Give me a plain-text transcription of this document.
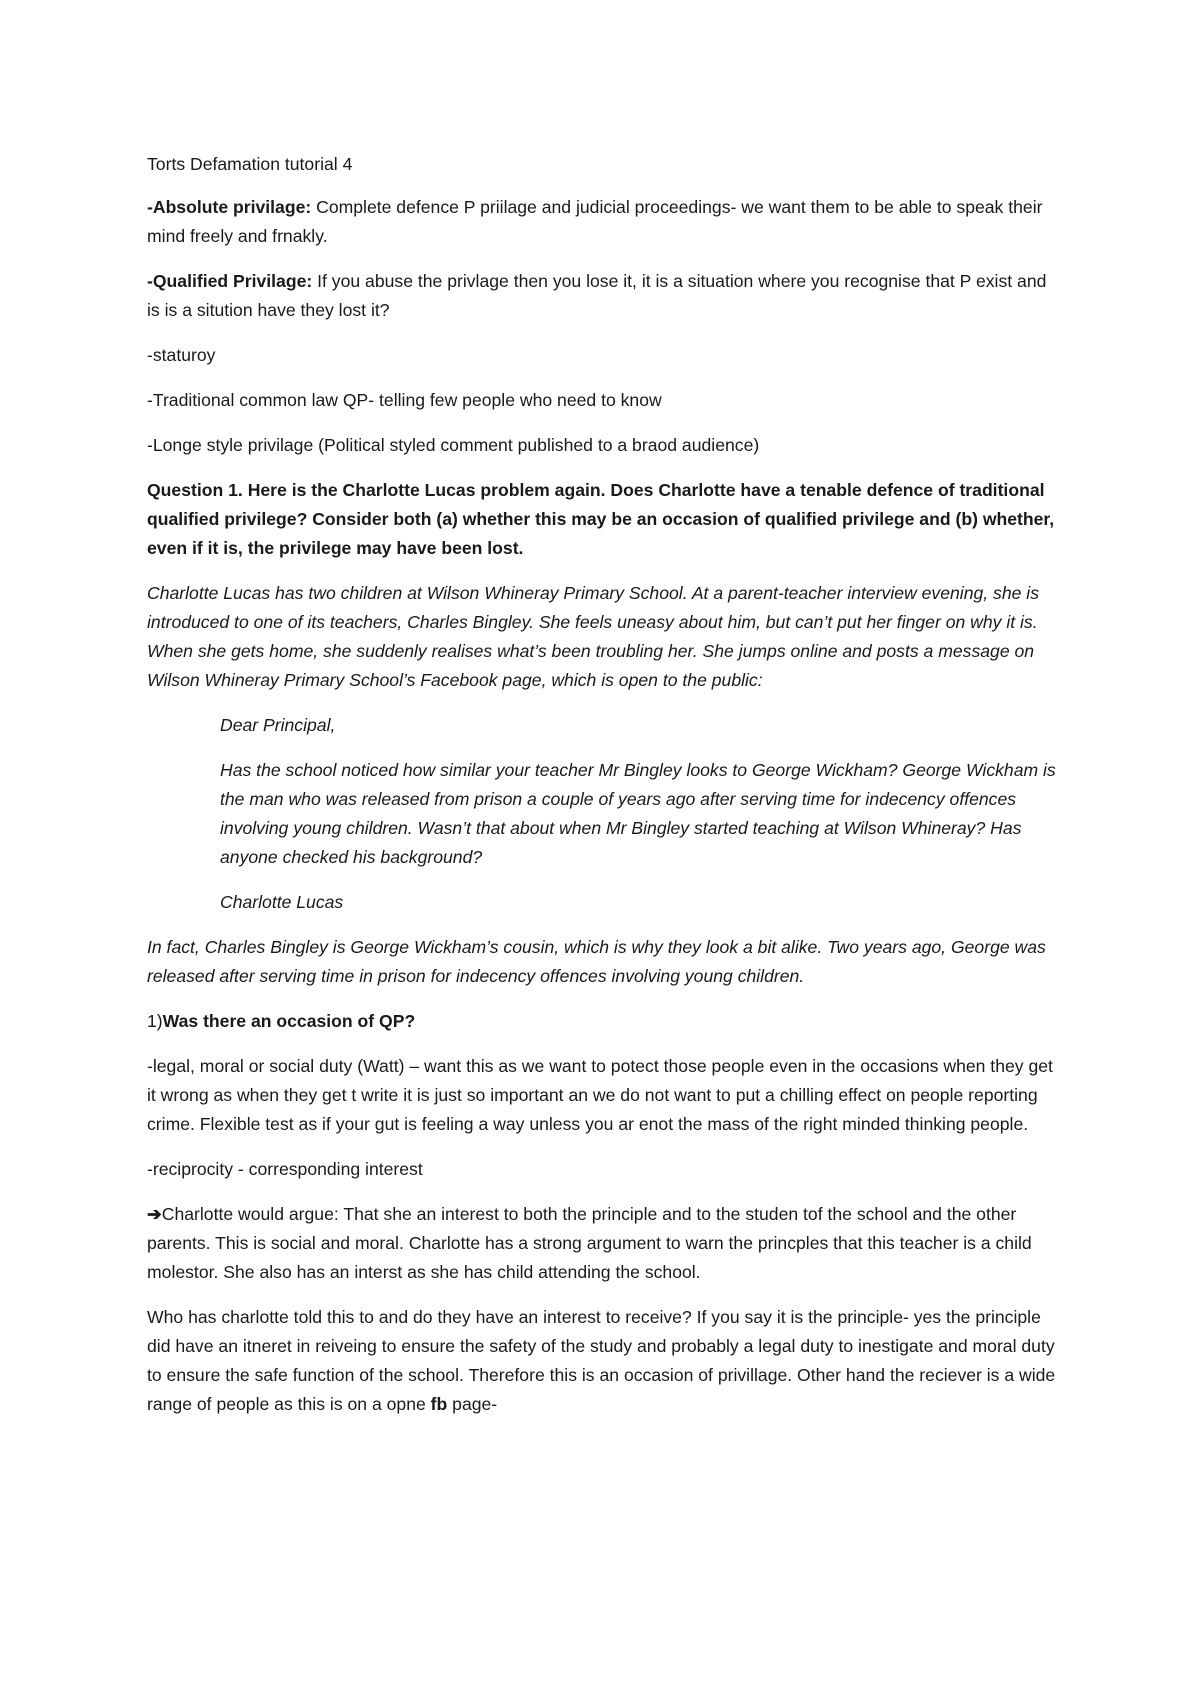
Torts Defamation tutorial 4

-Absolute privilage: Complete defence P priilage and judicial proceedings- we want them to be able to speak their mind freely and frnakly.

-Qualified Privilage: If you abuse the privlage then you lose it, it is a situation where you recognise that P exist and is is a sitution have they lost it?

-staturoy

-Traditional common law QP- telling few people who need to know

-Longe style privilage (Political styled comment published to a braod audience)

Question 1. Here is the Charlotte Lucas problem again. Does Charlotte have a tenable defence of traditional qualified privilege? Consider both (a) whether this may be an occasion of qualified privilege and (b) whether, even if it is, the privilege may have been lost.

Charlotte Lucas has two children at Wilson Whineray Primary School. At a parent-teacher interview evening, she is introduced to one of its teachers, Charles Bingley. She feels uneasy about him, but can’t put her finger on why it is. When she gets home, she suddenly realises what’s been troubling her. She jumps online and posts a message on Wilson Whineray Primary School’s Facebook page, which is open to the public:

Dear Principal,

Has the school noticed how similar your teacher Mr Bingley looks to George Wickham? George Wickham is the man who was released from prison a couple of years ago after serving time for indecency offences involving young children. Wasn’t that about when Mr Bingley started teaching at Wilson Whineray? Has anyone checked his background?

Charlotte Lucas

In fact, Charles Bingley is George Wickham’s cousin, which is why they look a bit alike. Two years ago, George was released after serving time in prison for indecency offences involving young children.

1)Was there an occasion of QP?

-legal, moral or social duty (Watt) – want this as we want to potect those people even in the occasions when they get it wrong as when they get t write it is just so important an we do not want to put a chilling effect on people reporting crime. Flexible test as if your gut is feeling a way unless you ar enot the mass of the right minded thinking people.

-reciprocity - corresponding interest

➔Charlotte would argue: That she an interest to both the principle and to the studen tof the school and the other parents. This is social and moral. Charlotte has a strong argument to warn the princples that this teacher is a child molestor. She also has an interst as she has child attending the school.

Who has charlotte told this to and do they have an interest to receive? If you say it is the principle- yes the principle did have an itneret in reiveing to ensure the safety of the study and probably a legal duty to inestigate and moral duty to ensure the safe function of the school. Therefore this is an occasion of privillage. Other hand the reciever is a wide range of people as this is on a opne fb page-
